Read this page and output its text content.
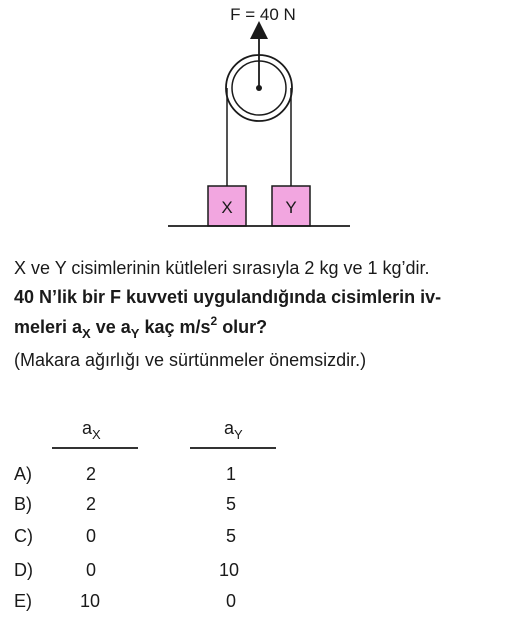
F = 40 N
X	Y
X ve Y cisimlerinin kütleleri sırasıyla 2 kg ve 1 kg’dir.
40 N’lik bir F kuvveti uygulandığında cisimlerin iv-
meleri $a_X$ ve $a_Y$ kaç $m/s^2$ olur?
(Makara ağırlığı ve sürtünmeler önemsizdir.)
$a_X$	$a_Y$
A)	2	1
B)	2	5
C)	0	5
D)	0	10
E)	10	0
